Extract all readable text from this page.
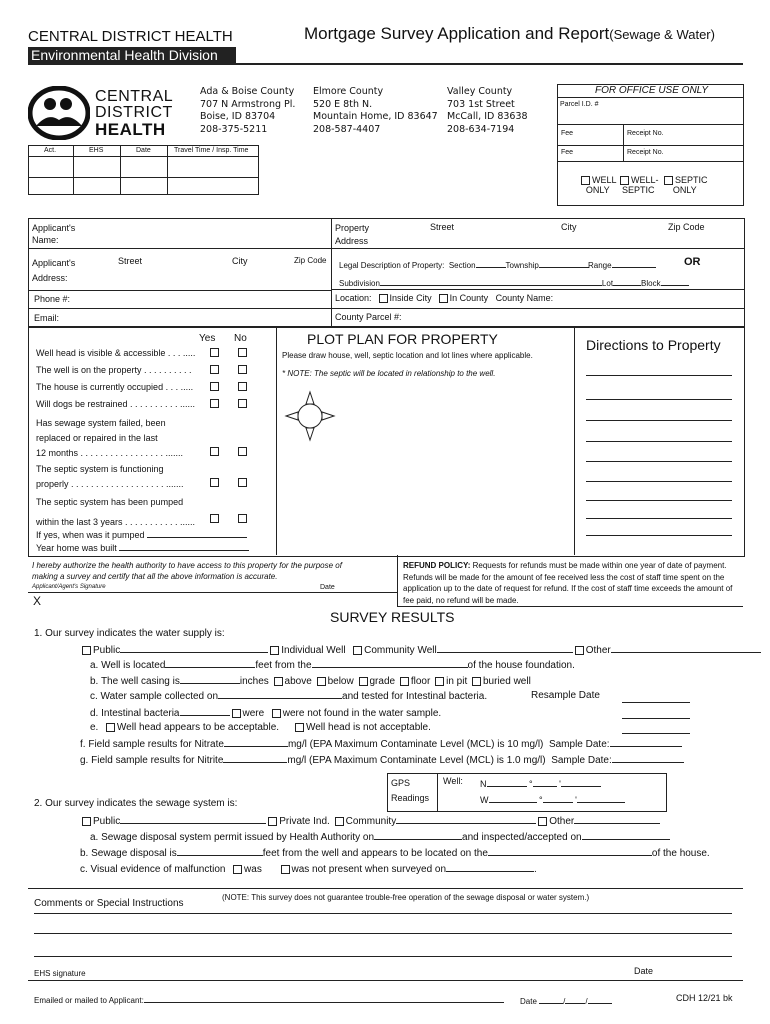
CENTRAL DISTRICT HEALTH
Environmental Health Division
Mortgage Survey Application and Report(Sewage & Water)
CENTRAL
DISTRICT
HEALTH
Ada & Boise County
707 N Armstrong Pl.
Boise, ID 83704
208-375-5211
Elmore County
520 E 8th N.
Mountain Home, ID 83647
208-587-4407
Valley County
703 1st Street
McCall, ID 83638
208-634-7194
FOR OFFICE USE ONLY
Parcel I.D. #
Fee	Receipt No.
Fee	Receipt No.
WELL
ONLY
WELL-
SEPTIC
SEPTIC
ONLY
Act.	EHS	Date	Travel Time / Insp. Time
Applicant's
Name:
Applicant's
Address:
Street	City	Zip Code
Phone #:
Email:
Property
Address
Street	City	Zip Code
Legal Description of Property: Section	Township	Range	OR
Subdivision	Lot	Block
Location: Inside City In County County Name:
County Parcel #:
Yes No
Well head is visible & accessible . . . .....
The well is on the property . . . . . . . . . .
The house is currently occupied . . . .....
Will dogs be restrained . . . . . . . . . . ......
Has sewage system failed, been
replaced or repaired in the last
12 months . . . . . . . . . . . . . . . . . .......
The septic system is functioning
properly . . . . . . . . . . . . . . . . . . . .......
The septic system has been pumped
within the last 3 years . . . . . . . . . . . ......
If yes, when was it pumped
Year home was built
PLOT PLAN FOR PROPERTY
Please draw house, well, septic location and lot lines where applicable.
* NOTE: The septic will be located in relationship to the well.
Directions to Property
I hereby authorize the health authority to have access to this property for the purpose of
making a survey and certify that all the above information is accurate.
Applicant/Agent's Signature	Date
X
REFUND POLICY: Requests for refunds must be made within one year of date of payment.
Refunds will be made for the amount of fee received less the cost of staff time spent on the
application up to the date of request for refund. If the cost of staff time exceeds the amount of
fee paid, no refund will be made.
SURVEY RESULTS
1. Our survey indicates the water supply is:
Public	Individual Well Community Well	Other
a. Well is located	feet from the	of the house foundation.
b. The well casing is	inches above below grade floor in pit buried well
c. Water sample collected on	and tested for Intestinal bacteria.	Resample Date
d. Intestinal bacteria	were were not found in the water sample.
e. Well head appears to be acceptable.	Well head is not acceptable.
f. Field sample results for Nitrate	mg/l (EPA Maximum Contaminate Level (MCL) is 10 mg/l) Sample Date:
g. Field sample results for Nitrite	mg/l (EPA Maximum Contaminate Level (MCL) is 1.0 mg/l) Sample Date:
GPS
Readings
Well: N	°	'
W	°	'
2. Our survey indicates the sewage system is:
Public	Private Ind. Community	Other
a. Sewage disposal system permit issued by Health Authority on	and inspected/accepted on
b. Sewage disposal is	feet from the well and appears to be located on the	of the house.
c. Visual evidence of malfunction was	was not present when surveyed on	.
Comments or Special Instructions
(NOTE: This survey does not guarantee trouble-free operation of the sewage disposal or water system.)
EHS signature	Date
Emailed or mailed to Applicant:	Date	/	/	CDH 12/21 bk
